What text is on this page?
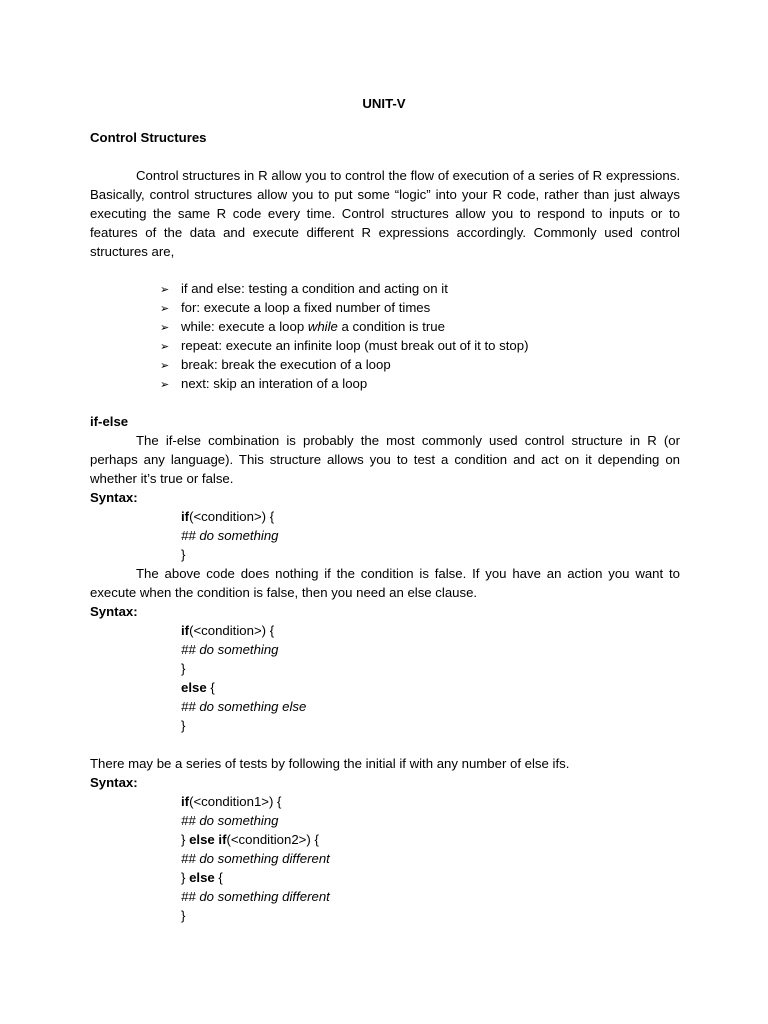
UNIT-V
Control Structures

Control structures in R allow you to control the flow of execution of a series of R expressions. Basically, control structures allow you to put some “logic” into your R code, rather than just always executing the same R code every time. Control structures allow you to respond to inputs or to features of the data and execute different R expressions accordingly. Commonly used control structures are,

➢ if and else: testing a condition and acting on it
➢ for: execute a loop a fixed number of times
➢ while: execute a loop while a condition is true
➢ repeat: execute an infinite loop (must break out of it to stop)
➢ break: break the execution of a loop
➢ next: skip an interation of a loop
if-else

The if-else combination is probably the most commonly used control structure in R (or perhaps any language). This structure allows you to test a condition and act on it depending on whether it’s true or false.

Syntax:
if(<condition>) {
## do something
}

The above code does nothing if the condition is false. If you have an action you want to execute when the condition is false, then you need an else clause.

Syntax:
if(<condition>) {
## do something
}
else {
## do something else
}

There may be a series of tests by following the initial if with any number of else ifs.

Syntax:
if(<condition1>) {
## do something
} else if(<condition2>) {
## do something different
} else {
## do something different
}
